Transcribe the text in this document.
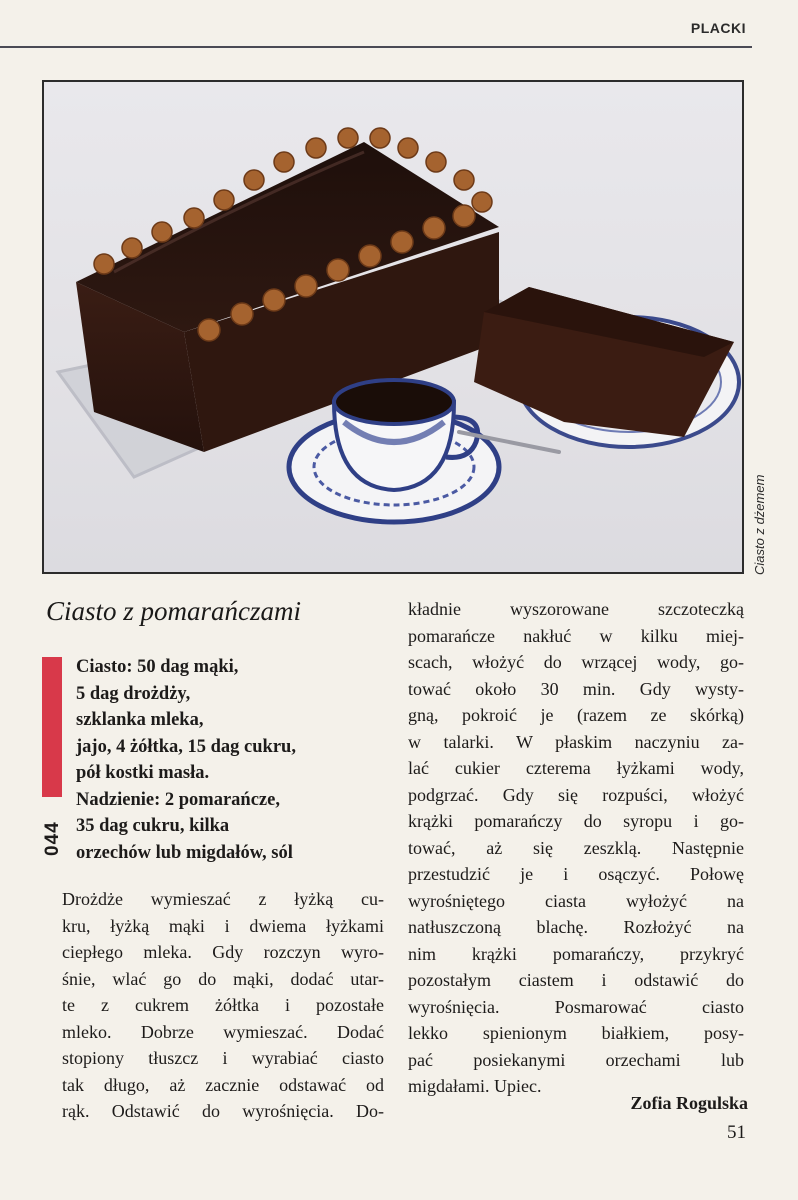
PLACKI
Ciasto z dżemem
Ciasto z pomarańczami
044
Ciasto: 50 dag mąki,
5 dag drożdży,
szklanka mleka,
jajo, 4 żółtka, 15 dag cukru,
pół kostki masła.
Nadzienie: 2 pomarańcze,
35 dag cukru, kilka
orzechów lub migdałów, sól
Drożdże wymieszać z łyżką cu-
kru, łyżką mąki i dwiema łyżkami
ciepłego mleka. Gdy rozczyn wyro-
śnie, wlać go do mąki, dodać utar-
te z cukrem żółtka i pozostałe
mleko. Dobrze wymieszać. Dodać
stopiony tłuszcz i wyrabiać ciasto
tak długo, aż zacznie odstawać od
rąk. Odstawić do wyrośnięcia. Do-
kładnie wyszorowane szczoteczką
pomarańcze nakłuć w kilku miej-
scach, włożyć do wrzącej wody, go-
tować około 30 min. Gdy wysty-
gną, pokroić je (razem ze skórką)
w talarki. W płaskim naczyniu za-
lać cukier czterema łyżkami wody,
podgrzać. Gdy się rozpuści, włożyć
krążki pomarańczy do syropu i go-
tować, aż się zeszklą. Następnie
przestudzić je i osączyć. Połowę
wyrośniętego ciasta wyłożyć na
natłuszczoną blachę. Rozłożyć na
nim krążki pomarańczy, przykryć
pozostałym ciastem i odstawić do
wyrośnięcia. Posmarować ciasto
lekko spienionym białkiem, posy-
pać posiekanymi orzechami lub
migdałami. Upiec.
Zofia Rogulska
51
